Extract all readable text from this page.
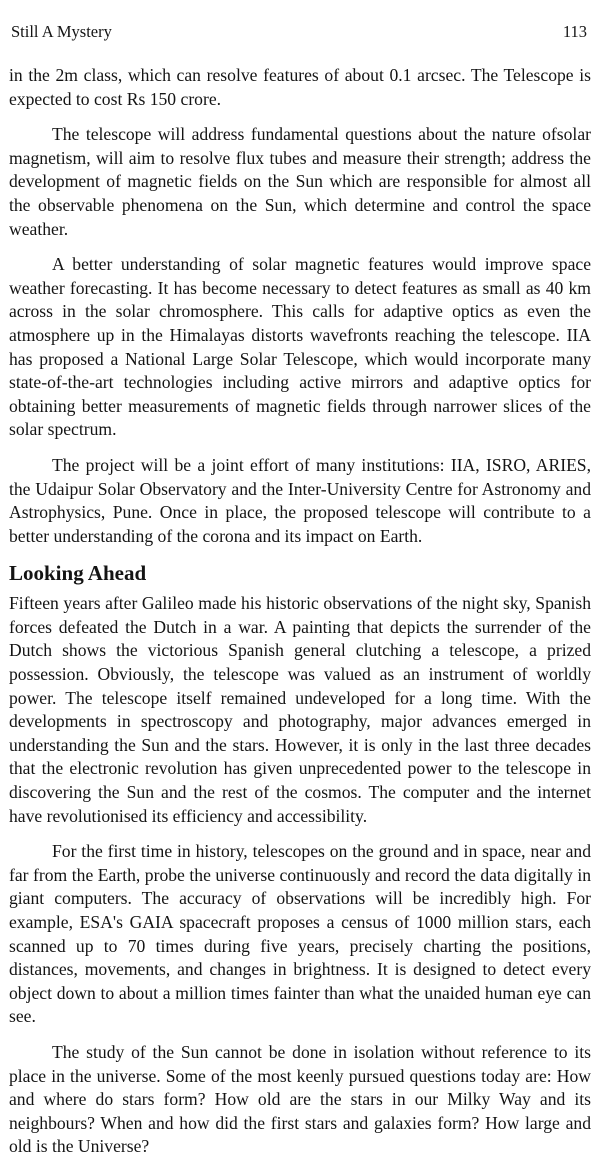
Still A Mystery	113

in the 2m class, which can resolve features of about 0.1 arcsec. The Telescope is expected to cost Rs 150 crore.

The telescope will address fundamental questions about the nature ofsolar magnetism, will aim to resolve flux tubes and measure their strength; address the development of magnetic fields on the Sun which are responsible for almost all the observable phenomena on the Sun, which determine and control the space weather.

A better understanding of solar magnetic features would improve space weather forecasting. It has become necessary to detect features as small as 40 km across in the solar chromosphere. This calls for adaptive optics as even the atmosphere up in the Himalayas distorts wavefronts reaching the telescope. IIA has proposed a National Large Solar Telescope, which would incorporate many state-of-the-art technologies including active mirrors and adaptive optics for obtaining better measurements of magnetic fields through narrower slices of the solar spectrum.

The project will be a joint effort of many institutions: IIA, ISRO, ARIES, the Udaipur Solar Observatory and the Inter-University Centre for Astronomy and Astrophysics, Pune. Once in place, the proposed telescope will contribute to a better understanding of the corona and its impact on Earth.

Looking Ahead

Fifteen years after Galileo made his historic observations of the night sky, Spanish forces defeated the Dutch in a war. A painting that depicts the surrender of the Dutch shows the victorious Spanish general clutching a telescope, a prized possession. Obviously, the telescope was valued as an instrument of worldly power. The telescope itself remained undeveloped for a long time. With the developments in spectroscopy and photography, major advances emerged in understanding the Sun and the stars. However, it is only in the last three decades that the electronic revolution has given unprecedented power to the telescope in discovering the Sun and the rest of the cosmos. The computer and the internet have revolutionised its efficiency and accessibility.

For the first time in history, telescopes on the ground and in space, near and far from the Earth, probe the universe continuously and record the data digitally in giant computers. The accuracy of observations will be incredibly high. For example, ESA's GAIA spacecraft proposes a census of 1000 million stars, each scanned up to 70 times during five years, precisely charting the positions, distances, movements, and changes in brightness. It is designed to detect every object down to about a million times fainter than what the unaided human eye can see.

The study of the Sun cannot be done in isolation without reference to its place in the universe. Some of the most keenly pursued questions today are: How and where do stars form? How old are the stars in our Milky Way and its neighbours? When and how did the first stars and galaxies form? How large and old is the Universe?
